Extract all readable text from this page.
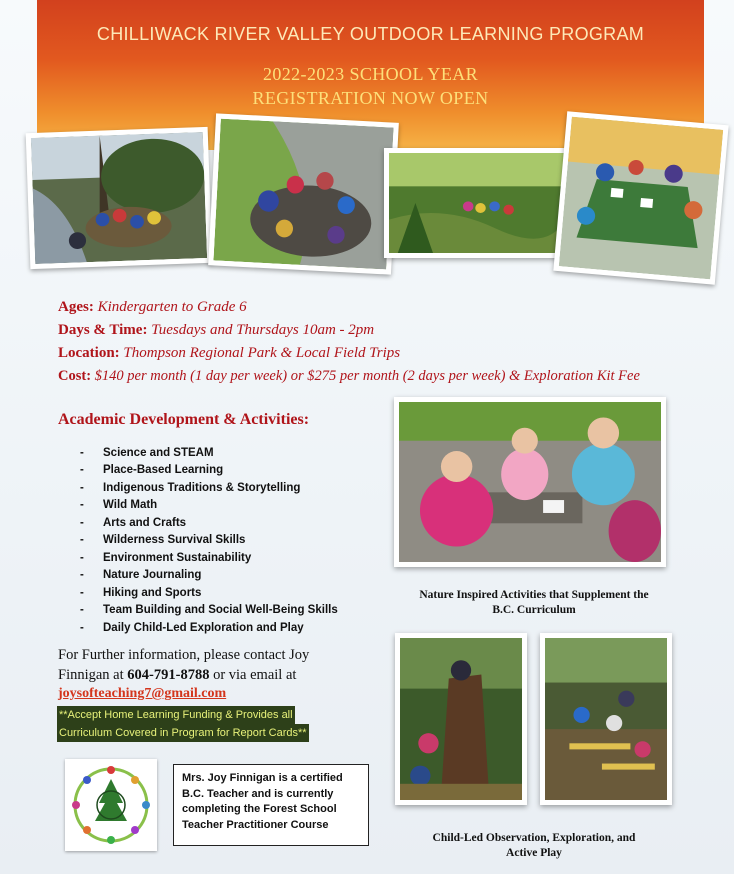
CHILLIWACK RIVER VALLEY OUTDOOR LEARNING PROGRAM
2022-2023 SCHOOL YEAR
REGISTRATION NOW OPEN
Ages: Kindergarten to Grade 6
Days & Time: Tuesdays and Thursdays 10am - 2pm
Location: Thompson Regional Park & Local Field Trips
Cost: $140 per month (1 day per week) or $275 per month (2 days per week) & Exploration Kit Fee
Academic Development & Activities:
-	Science and STEAM
-	Place-Based Learning
-	Indigenous Traditions & Storytelling
-	Wild Math
-	Arts and Crafts
-	Wilderness Survival Skills
-	Environment Sustainability
-	Nature Journaling
-	Hiking and Sports
-	Team Building and Social Well-Being Skills
-	Daily Child-Led Exploration and Play
Nature Inspired Activities that Supplement the
B.C. Curriculum
For Further information, please contact Joy Finnigan at 604-791-8788 or via email at
joysofteaching7@gmail.com
**Accept Home Learning Funding & Provides all
Curriculum Covered in Program for Report Cards**
Child-Led Observation, Exploration, and
Active Play
Mrs. Joy Finnigan is a certified B.C. Teacher and is currently completing the Forest School Teacher Practitioner Course
